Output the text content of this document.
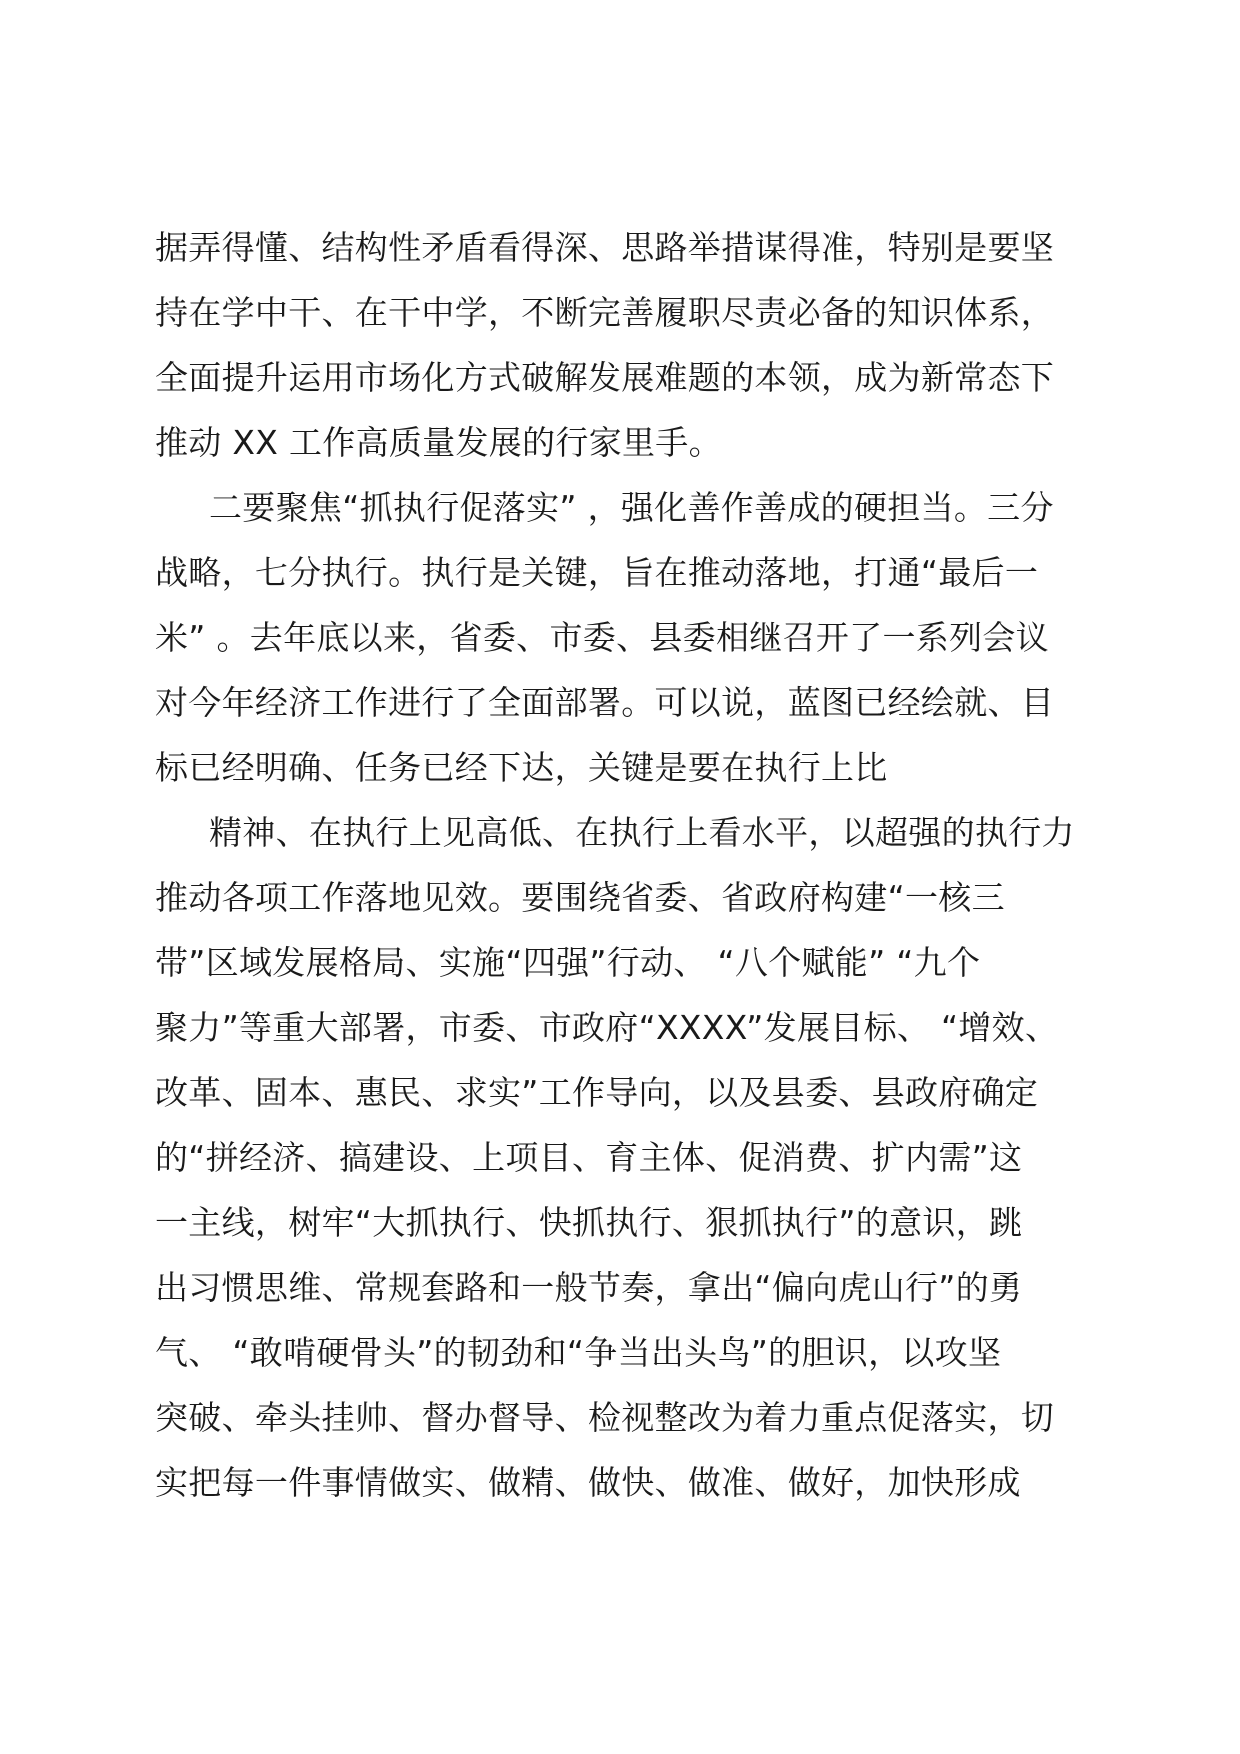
据弄得懂、结构性矛盾看得深、思路举措谋得准，特别是要坚
持在学中干、在干中学，不断完善履职尽责必备的知识体系，
全面提升运用市场化方式破解发展难题的本领，成为新常态下
推动 XX 工作高质量发展的行家里手。
二要聚焦“抓执行促落实” ，强化善作善成的硬担当。三分
战略，七分执行。执行是关键，旨在推动落地，打通“最后一
米” 。去年底以来，省委、市委、县委相继召开了一系列会议
对今年经济工作进行了全面部署。可以说，蓝图已经绘就、目
标已经明确、任务已经下达，关键是要在执行上比
精神、在执行上见高低、在执行上看水平，以超强的执行力
推动各项工作落地见效。要围绕省委、省政府构建“一核三
带”区域发展格局、实施“四强”行动、 “八个赋能” “九个
聚力”等重大部署，市委、市政府“XXXX”发展目标、 “增效、
改革、固本、惠民、求实”工作导向，以及县委、县政府确定
的“拼经济、搞建设、上项目、育主体、促消费、扩内需”这
一主线，树牢“大抓执行、快抓执行、狠抓执行”的意识，跳
出习惯思维、常规套路和一般节奏，拿出“偏向虎山行”的勇
气、 “敢啃硬骨头”的韧劲和“争当出头鸟”的胆识，以攻坚
突破、牵头挂帅、督办督导、检视整改为着力重点促落实，切
实把每一件事情做实、做精、做快、做准、做好，加快形成
